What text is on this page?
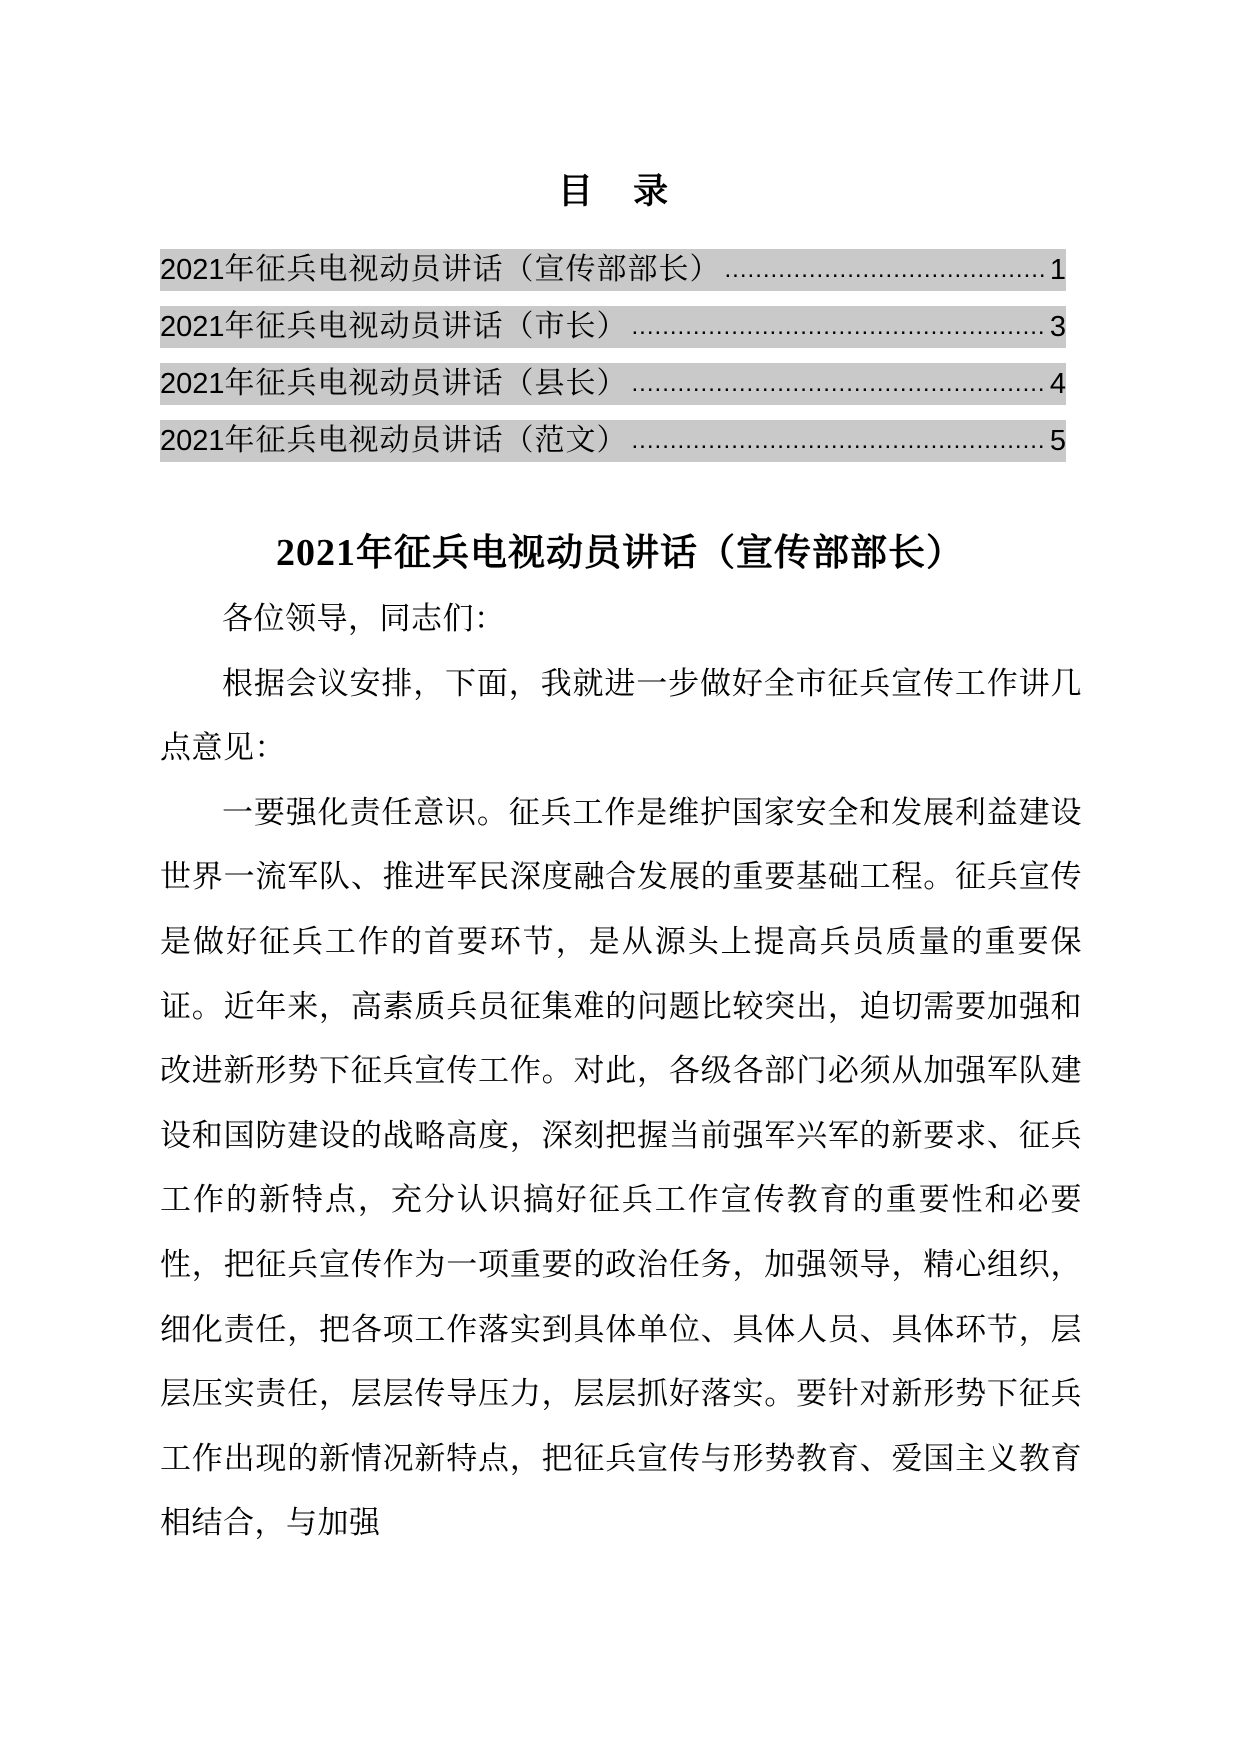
目 录
2021 年征兵电视动员讲话（宣传部部长） .....	1
2021 年征兵电视动员讲话（市长） .....	3
2021 年征兵电视动员讲话（县长） .....	4
2021 年征兵电视动员讲话（范文） .....	5
2021年征兵电视动员讲话（宣传部部长）

各位领导，同志们：

根据会议安排，下面，我就进一步做好全市征兵宣传工作讲几点意见：

一要强化责任意识。征兵工作是维护国家安全和发展利益建设世界一流军队、推进军民深度融合发展的重要基础工程。征兵宣传是做好征兵工作的首要环节，是从源头上提高兵员质量的重要保证。近年来，高素质兵员征集难的问题比较突出，迫切需要加强和改进新形势下征兵宣传工作。对此，各级各部门必须从加强军队建设和国防建设的战略高度，深刻把握当前强军兴军的新要求、征兵工作的新特点，充分认识搞好征兵工作宣传教育的重要性和必要性，把征兵宣传作为一项重要的政治任务，加强领导，精心组织，细化责任，把各项工作落实到具体单位、具体人员、具体环节，层层压实责任，层层传导压力，层层抓好落实。要针对新形势下征兵工作出现的新情况新特点，把征兵宣传与形势教育、爱国主义教育相结合，与加强
